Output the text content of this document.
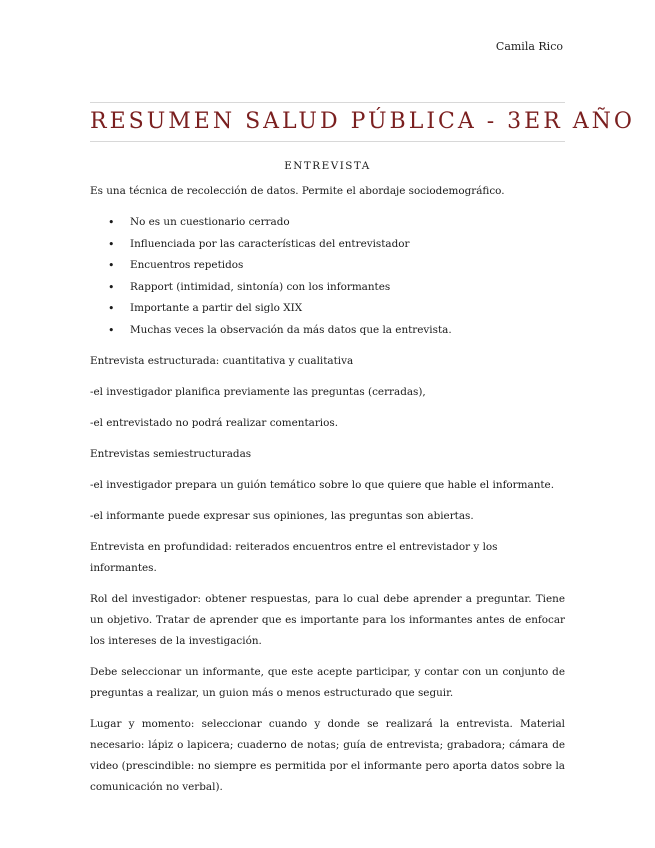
Camila Rico
RESUMEN SALUD PÚBLICA - 3ER AÑO
ENTREVISTA

Es una técnica de recolección de datos. Permite el abordaje sociodemográfico.

• No es un cuestionario cerrado
• Influenciada por las características del entrevistador
• Encuentros repetidos
• Rapport (intimidad, sintonía) con los informantes
• Importante a partir del siglo XIX
• Muchas veces la observación da más datos que la entrevista.

Entrevista estructurada: cuantitativa y cualitativa

-el investigador planifica previamente las preguntas (cerradas),

-el entrevistado no podrá realizar comentarios.

Entrevistas semiestructuradas

-el investigador prepara un guión temático sobre lo que quiere que hable el informante.

-el informante puede expresar sus opiniones, las preguntas son abiertas.

Entrevista en profundidad: reiterados encuentros entre el entrevistador y los informantes.

Rol del investigador: obtener respuestas, para lo cual debe aprender a preguntar. Tiene un objetivo. Tratar de aprender que es importante para los informantes antes de enfocar los intereses de la investigación.

Debe seleccionar un informante, que este acepte participar, y contar con un conjunto de preguntas a realizar, un guion más o menos estructurado que seguir.

Lugar y momento: seleccionar cuando y donde se realizará la entrevista. Material necesario: lápiz o lapicera; cuaderno de notas; guía de entrevista; grabadora; cámara de video (prescindible: no siempre es permitida por el informante pero aporta datos sobre la comunicación no verbal).
